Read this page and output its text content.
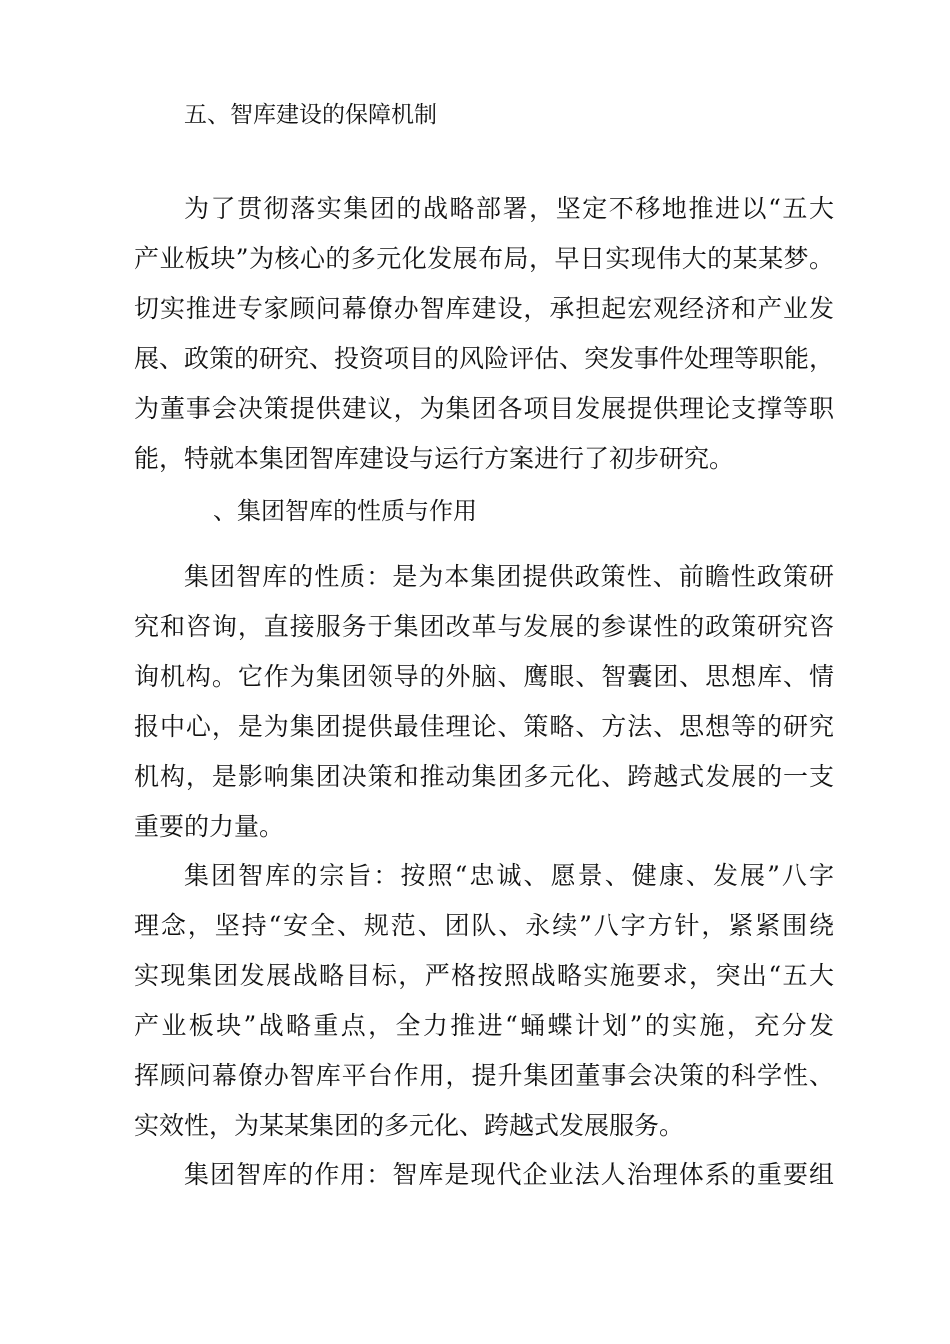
五、智库建设的保障机制
为了贯彻落实集团的战略部署，坚定不移地推进以“五大
产业板块”为核心的多元化发展布局，早日实现伟大的某某梦。
切实推进专家顾问幕僚办智库建设，承担起宏观经济和产业发
展、政策的研究、投资项目的风险评估、突发事件处理等职能，
为董事会决策提供建议，为集团各项目发展提供理论支撑等职
能，特就本集团智库建设与运行方案进行了初步研究。
、集团智库的性质与作用
集团智库的性质：是为本集团提供政策性、前瞻性政策研
究和咨询，直接服务于集团改革与发展的参谋性的政策研究咨
询机构。它作为集团领导的外脑、鹰眼、智囊团、思想库、情
报中心，是为集团提供最佳理论、策略、方法、思想等的研究
机构，是影响集团决策和推动集团多元化、跨越式发展的一支
重要的力量。
集团智库的宗旨：按照“忠诚、愿景、健康、发展”八字
理念，坚持“安全、规范、团队、永续”八字方针，紧紧围绕
实现集团发展战略目标，严格按照战略实施要求，突出“五大
产业板块”战略重点，全力推进“蛹蝶计划”的实施，充分发
挥顾问幕僚办智库平台作用，提升集团董事会决策的科学性、
实效性，为某某集团的多元化、跨越式发展服务。
集团智库的作用：智库是现代企业法人治理体系的重要组
